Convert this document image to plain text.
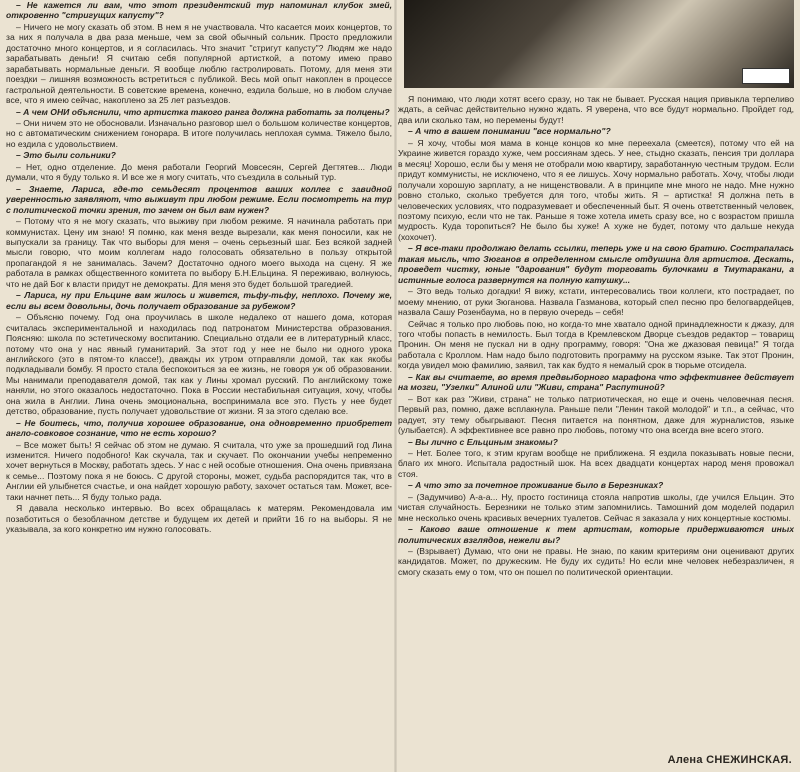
– Не кажется ли вам, что этот президентский тур напоминал клубок змей, откровенно "стригущих капусту"?

– Ничего не могу сказать об этом. В нем я не участвовала. Что касается моих концертов, то за них я получала в два раза меньше, чем за свой обычный сольник. Просто предложили достаточно много концертов, и я согласилась. Что значит "стригут капусту"? Людям же надо зарабатывать деньги! Я считаю себя популярной артисткой, а потому имею право зарабатывать нормальные деньги. Я вообще люблю гастролировать. Потому, для меня эти поездки – лишняя возможность встретиться с публикой. Весь мой опыт накоплен в процессе гастрольной деятельности. В советские времена, конечно, ездила больше, но в любом случае все, что я имею сейчас, накоплено за 25 лет разъездов.

– А чем ОНИ объяснили, что артистка такого ранга должна работать за полцены?

– Они ничем это не обосновали. Изначально разговор шел о большом количестве концертов, но с автоматическим снижением гонорара. В итоге получилась неплохая сумма. Тяжело было, но ездила с удовольствием.

– Это были сольники?

– Нет, одно отделение. До меня работали Георгий Мовсесян, Сергей Дегтятев... Люди думали, что я буду только я. И все же я могу считать, что съездила в сольный тур.

– Знаете, Лариса, где-то семьдесят процентов ваших коллег с завидной уверенностью заявляют, что выживут при любом режиме. Если посмотреть на тур с политической точки зрения, то зачем он был вам нужен?

– Потому что я не могу сказать, что выживу при любом режиме. Я начинала работать при коммунистах. Цену им знаю! Я помню, как меня везде вырезали, как меня поносили, как не выпускали за границу. Так что выборы для меня – очень серьезный шаг. Без всякой задней мысли говорю, что моим коллегам надо голосовать обязательно в пользу открытой пропагандой я не занималась. Зачем? Достаточно одного моего выхода на сцену. Я же работала в рамках общественного комитета по выбору Б.Н.Ельцина. Я переживаю, волнуюсь, что не дай Бог к власти придут не демократы. Для меня это будет большой трагедией.

– Лариса, ну при Ельцине вам жилось и живется, тьфу-тьфу, неплохо. Почему же, если вы всем довольны, дочь получает образование за рубежом?

– Объясню почему. Год она проучилась в школе недалеко от нашего дома, которая считалась экспериментальной и находилась под патронатом Министерства образования. Поясняю: школа по эстетическому воспитанию. Специально отдали ее в литературный класс, потому что она у нас явный гуманитарий. За этот год у нее не было ни одного урока английского (это в пятом-то классе!), дважды их утром отправляли домой, так как якобы подкладывали бомбу. Я просто стала беспокоиться за ее жизнь, не говоря уж об образовании. Мы нанимали преподавателя домой, так как у Лины хромал русский. По английскому тоже наняли, но этого оказалось недостаточно. Пока в России нестабильная ситуация, хочу, чтобы она жила в Англии. Лина очень эмоциональна, воспринимала все это. Пусть у нее будет детство, образование, пусть получает удовольствие от жизни. Я за этого сделаю все.

– Не боитесь, что, получив хорошее образование, она одновременно приобретет англо-совковое сознание, что не есть хорошо?

– Все может быть! Я сейчас об этом не думаю. Я считала, что уже за прошедший год Лина изменится. Ничего подобного! Как скучала, так и скучает. По окончании учебы непременно хочет вернуться в Москву, работать здесь. У нас с ней особые отношения. Она очень привязана к семье... Поэтому пока я не боюсь. С другой стороны, может, судьба распорядится так, что в Англии ей улыбнется счастье, и она найдет хорошую работу, захочет остаться там. Может, все-таки начнет петь... Я буду только рада.

Я давала несколько интервью. Во всех обращалась к матерям. Рекомендовала им позаботиться о безоблачном детстве и будущем их детей и прийти 16 го на выборы. Я не указывала, за кого конкретно им нужно голосовать.

Я понимаю, что люди хотят всего сразу, но так не бывает. Русская нация привыкла терпеливо ждать, а сейчас действительно нужно ждать. Я уверена, что все будут нормально. Пройдет год, два или сколько там, но перемены будут!

– А что в вашем понимании "все нормально"?

– Я хочу, чтобы моя мама в конце концов ко мне переехала (смеется), потому что ей на Украине живется гораздо хуже, чем россиянам здесь. У нее, стыдно сказать, пенсия три доллара в месяц! Хорошо, если бы у меня не отобрали мою квартиру, заработанную честным трудом. Если придут коммунисты, не исключено, что я ее лишусь. Хочу нормально работать. Хочу, чтобы люди получали хорошую зарплату, а не нищенствовали. А в принципе мне много не надо. Мне нужно ровно столько, сколько требуется для того, чтобы жить. Я – артистка! Я должна петь в человеческих условиях, что подразумевает и обеспеченный быт. Я очень ответственный человек, поэтому психую, если что не так. Раньше я тоже хотела иметь сразу все, но с возрастом пришла мудрость. Куда торопиться? Не было бы хуже! А хуже не будет, потому что дальше некуда (хохочет).

– Я все-таки продолжаю делать ссылки, теперь уже и на свою братию. Сострапалась такая мысль, что Зюганов в определенном смысле отдушина для артистов. Дескать, проведет чистку, юные "дарования" будут торговать булочками в Тмутаракани, а истинные голоса развернутся на полную катушку...

– Это ведь только догадки! Я вижу, кстати, интересовались твои коллеги, кто пострадает, по моему мнению, от руки Зюганова. Назвала Газманова, который спел песню про белогвардейцев, назвала Сашу Розенбаума, но в первую очередь – себя!

Сейчас я только про любовь пою, но когда-то мне хватало одной принадлежности к джазу, для того чтобы попасть в немилость. Был тогда в Кремлевском Дворце съездов редактор – товарищ Пронин. Он меня не пускал ни в одну программу, говоря: "Она же джазовая певица!" Я тогда работала с Кроллом. Нам надо было подготовить программу на русском языке. Так этот Пронин, когда увидел мою фамилию, заявил, так как будто я немалый срок в тюрьме отсидела.

– Как вы считаете, во время предвыборного марафона что эффективнее действует на мозги, "Узелки" Алиной или "Живи, страна" Распутиной?

– Вот как раз "Живи, страна" не только патриотическая, но еще и очень человечная песня. Первый раз, помню, даже всплакнула. Раньше пели "Ленин такой молодой" и т.п., а сейчас, что радует, эту тему обыгрывают. Песня питается на понятном, даже для журналистов, языке (улыбается). А эффективнее все равно про любовь, потому что она всегда вне всего этого.

– Вы лично с Ельциным знакомы?

– Нет. Более того, к этим кругам вообще не приближена. Я ездила показывать новые песни, благо их много. Испытала радостный шок. На всех двадцати концертах народ меня провожал стоя.

– А что это за почетное проживание было в Березниках?

– (Задумчиво) А-а-а... Ну, просто гостиница стояла напротив школы, где учился Ельцин. Это чистая случайность. Березники не только этим запомнились. Тамошний дом моделей подарил мне несколько очень красивых вечерних туалетов. Сейчас я заказала у них концертные костюмы.

– Каково ваше отношение к тем артистам, которые придерживаются иных политических взглядов, нежели вы?

– (Взрывает) Думаю, что они не правы. Не знаю, по каким критериям они оценивают других кандидатов. Может, по дружеским. Не буду их судить! Но если мне человек небезразличен, я смогу сказать ему о том, что он пошел по политической ориентации.

Алена СНЕЖИНСКАЯ.
